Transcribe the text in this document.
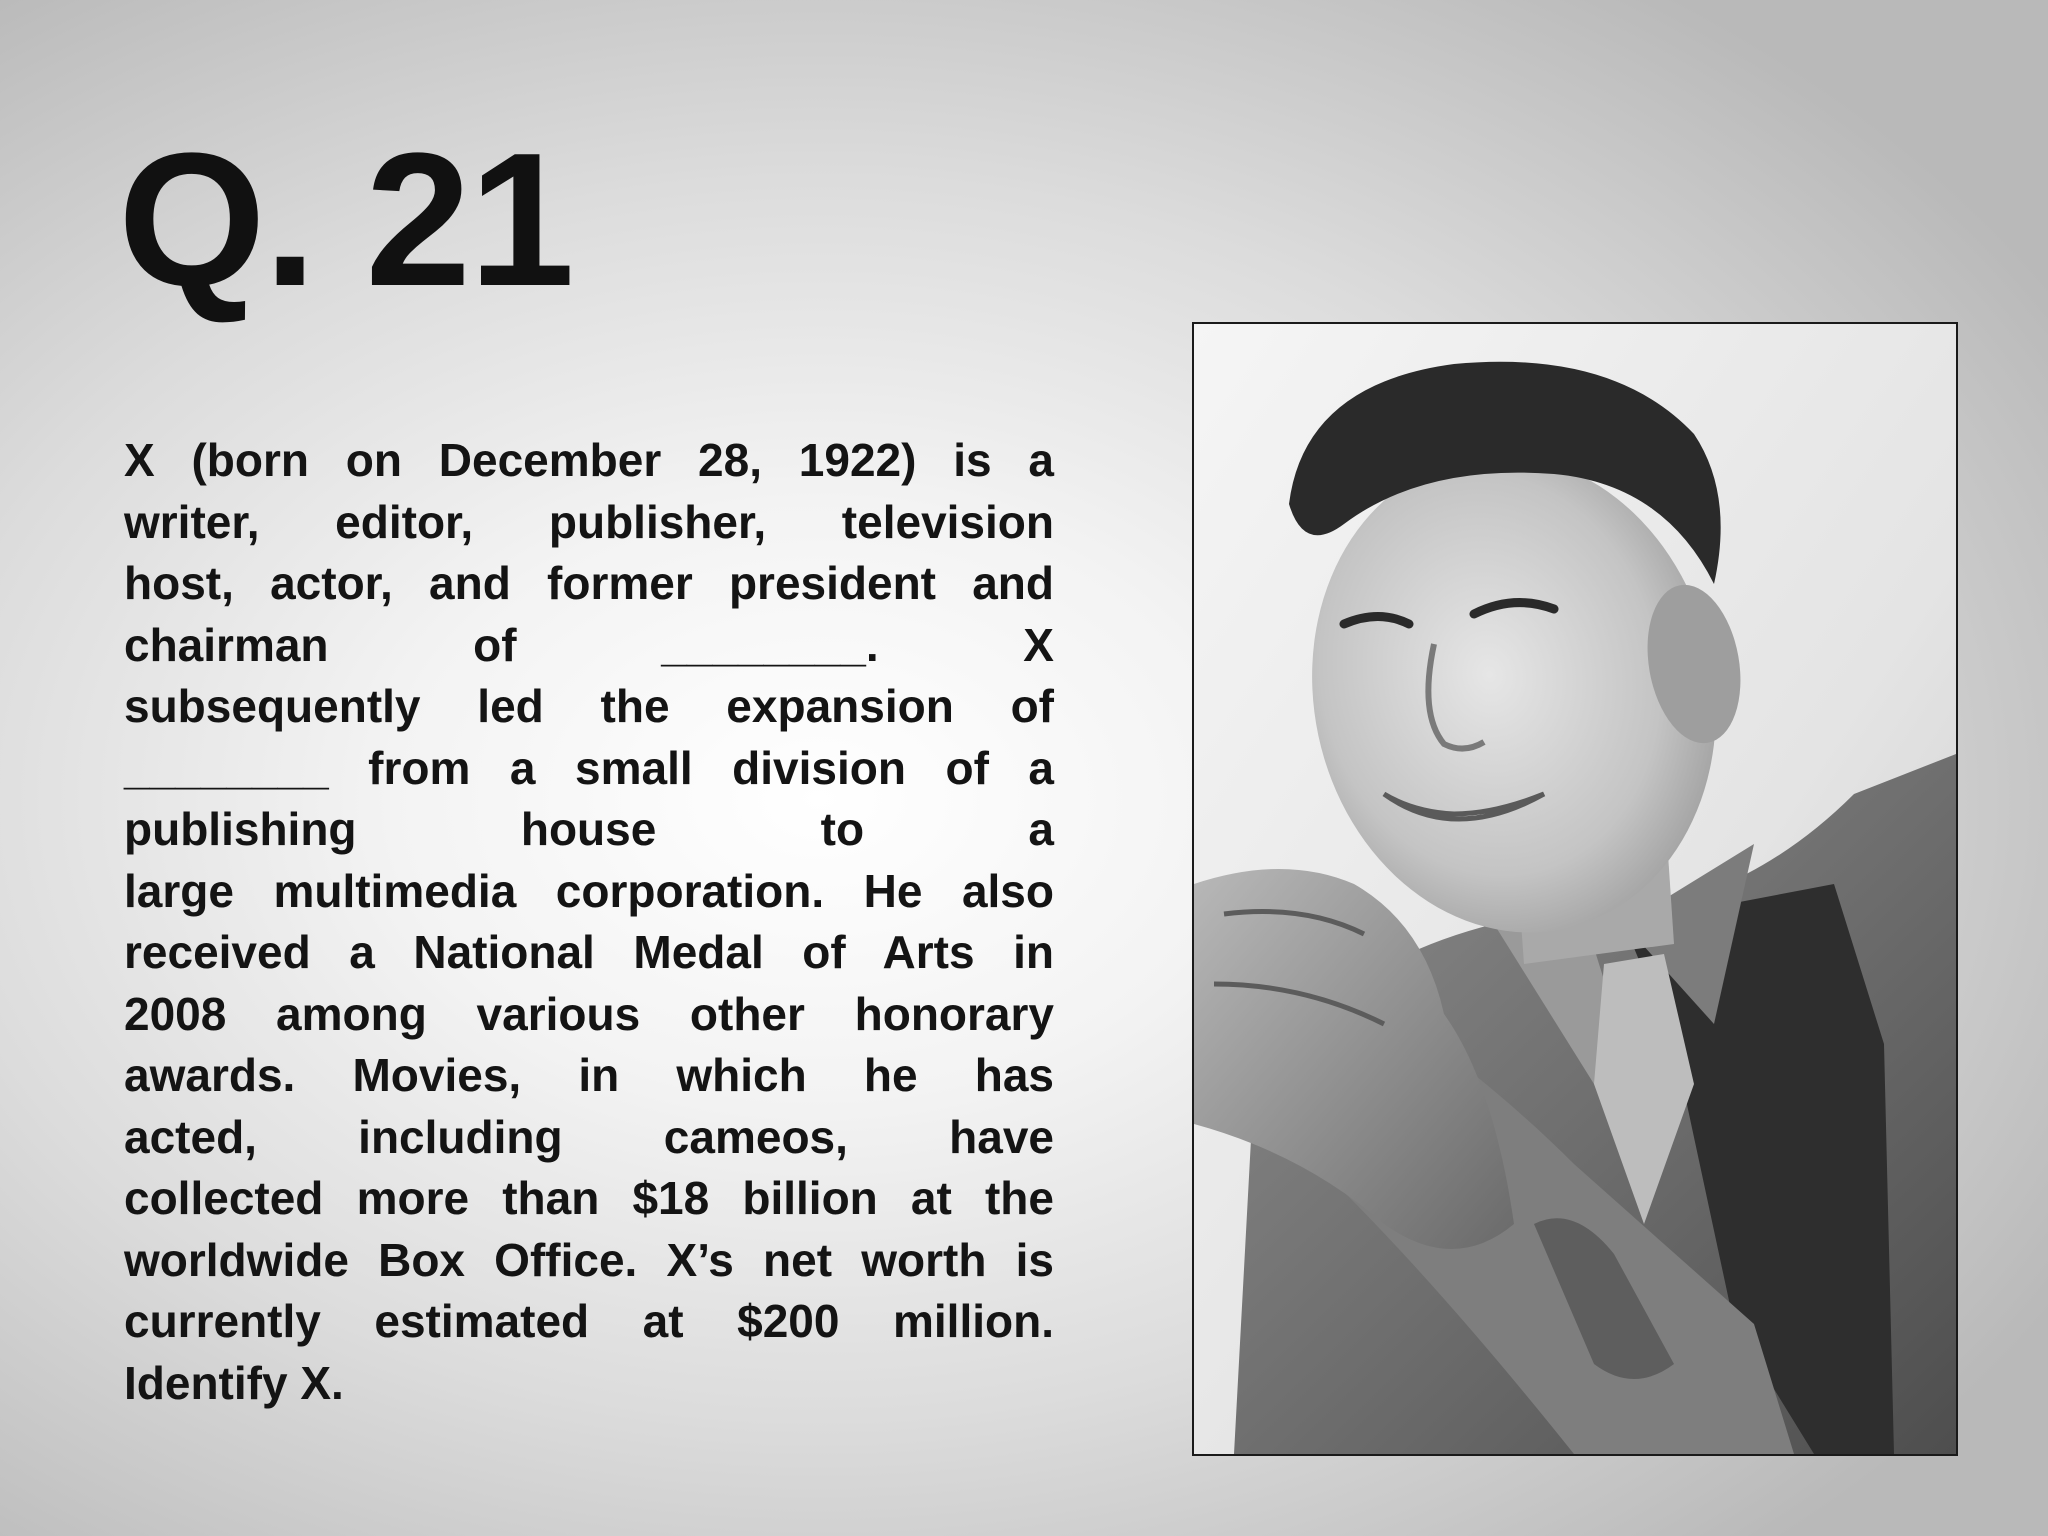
Q. 21
X (born on December 28, 1922) is a
writer, editor, publisher, television
host, actor, and former president and
chairman of ________. X
subsequently led the expansion of
________ from a small division of a
publishing house to a
large multimedia corporation. He also
received a National Medal of Arts in
2008 among various other honorary
awards. Movies, in which he has
acted, including cameos, have
collected more than $18 billion at the
worldwide Box Office. X’s net worth is
currently estimated at $200 million.
Identify X.
